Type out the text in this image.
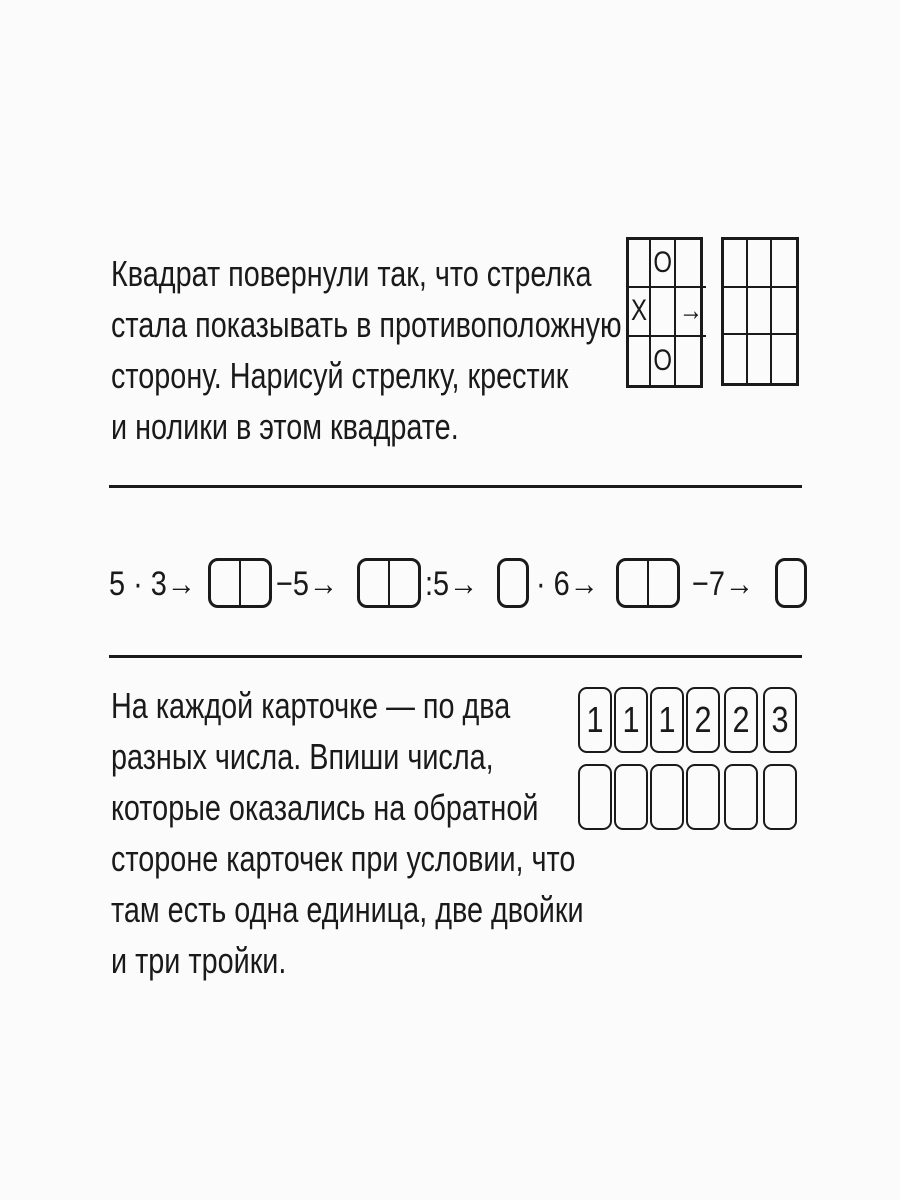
Квадрат повернули так, что стрелка
стала показывать в противоположную
сторону. Нарисуй стрелку, крестик
и нолики в этом квадрате.
O
X →
O
5 · 3→ −5→	:5→ · 6→	−7→
На каждой карточке — по два
разных числа. Впиши числа,
которые оказались на обратной
стороне карточек при условии, что
там есть одна единица, две двойки
и три тройки.
1 1 1 2 2 3
